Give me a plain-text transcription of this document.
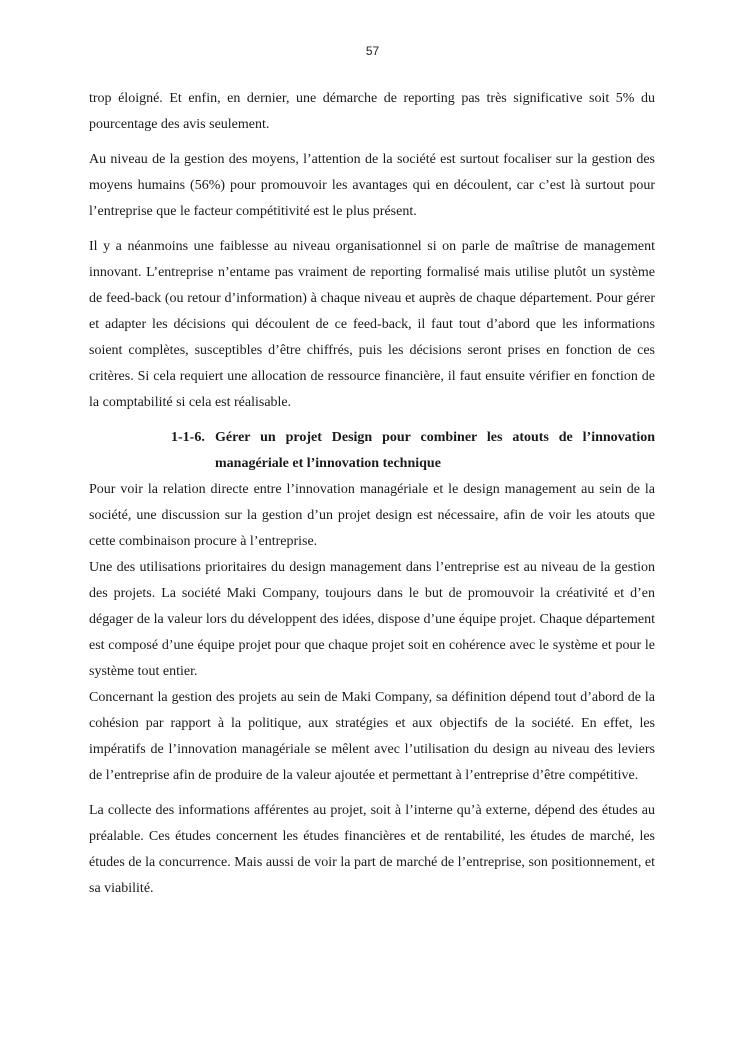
57

trop éloigné. Et enfin, en dernier, une démarche de reporting pas très significative soit 5% du pourcentage des avis seulement.

Au niveau de la gestion des moyens, l’attention de la société est surtout focaliser sur la gestion des moyens humains (56%) pour promouvoir les avantages qui en découlent, car c’est là surtout pour l’entreprise que le facteur compétitivité est le plus présent.

Il y a néanmoins une faiblesse au niveau organisationnel si on parle de maîtrise de management innovant. L’entreprise n’entame pas vraiment de reporting formalisé mais utilise plutôt un système de feed-back (ou retour d’information) à chaque niveau et auprès de chaque département. Pour gérer et adapter les décisions qui découlent de ce feed-back, il faut tout d’abord que les informations soient complètes, susceptibles d’être chiffrés, puis les décisions seront prises en fonction de ces critères. Si cela requiert une allocation de ressource financière, il faut ensuite vérifier en fonction de la comptabilité si cela est réalisable.

1-1-6. Gérer un projet Design pour combiner les atouts de l’innovation managériale et l’innovation technique

Pour voir la relation directe entre l’innovation managériale et le design management au sein de la société, une discussion sur la gestion d’un projet design est nécessaire, afin de voir les atouts que cette combinaison procure à l’entreprise.

Une des utilisations prioritaires du design management dans l’entreprise est au niveau de la gestion des projets. La société Maki Company, toujours dans le but de promouvoir la créativité et d’en dégager de la valeur lors du développent des idées, dispose d’une équipe projet. Chaque département est composé d’une équipe projet pour que chaque projet soit en cohérence avec le système et pour le système tout entier.

Concernant la gestion des projets au sein de Maki Company, sa définition dépend tout d’abord de la cohésion par rapport à la politique, aux stratégies et aux objectifs de la société. En effet, les impératifs de l’innovation managériale se mêlent avec l’utilisation du design au niveau des leviers de l’entreprise afin de produire de la valeur ajoutée et permettant à l’entreprise d’être compétitive.

La collecte des informations afférentes au projet, soit à l’interne qu’à externe, dépend des études au préalable. Ces études concernent les études financières et de rentabilité, les études de marché, les études de la concurrence. Mais aussi de voir la part de marché de l’entreprise, son positionnement, et sa viabilité.
